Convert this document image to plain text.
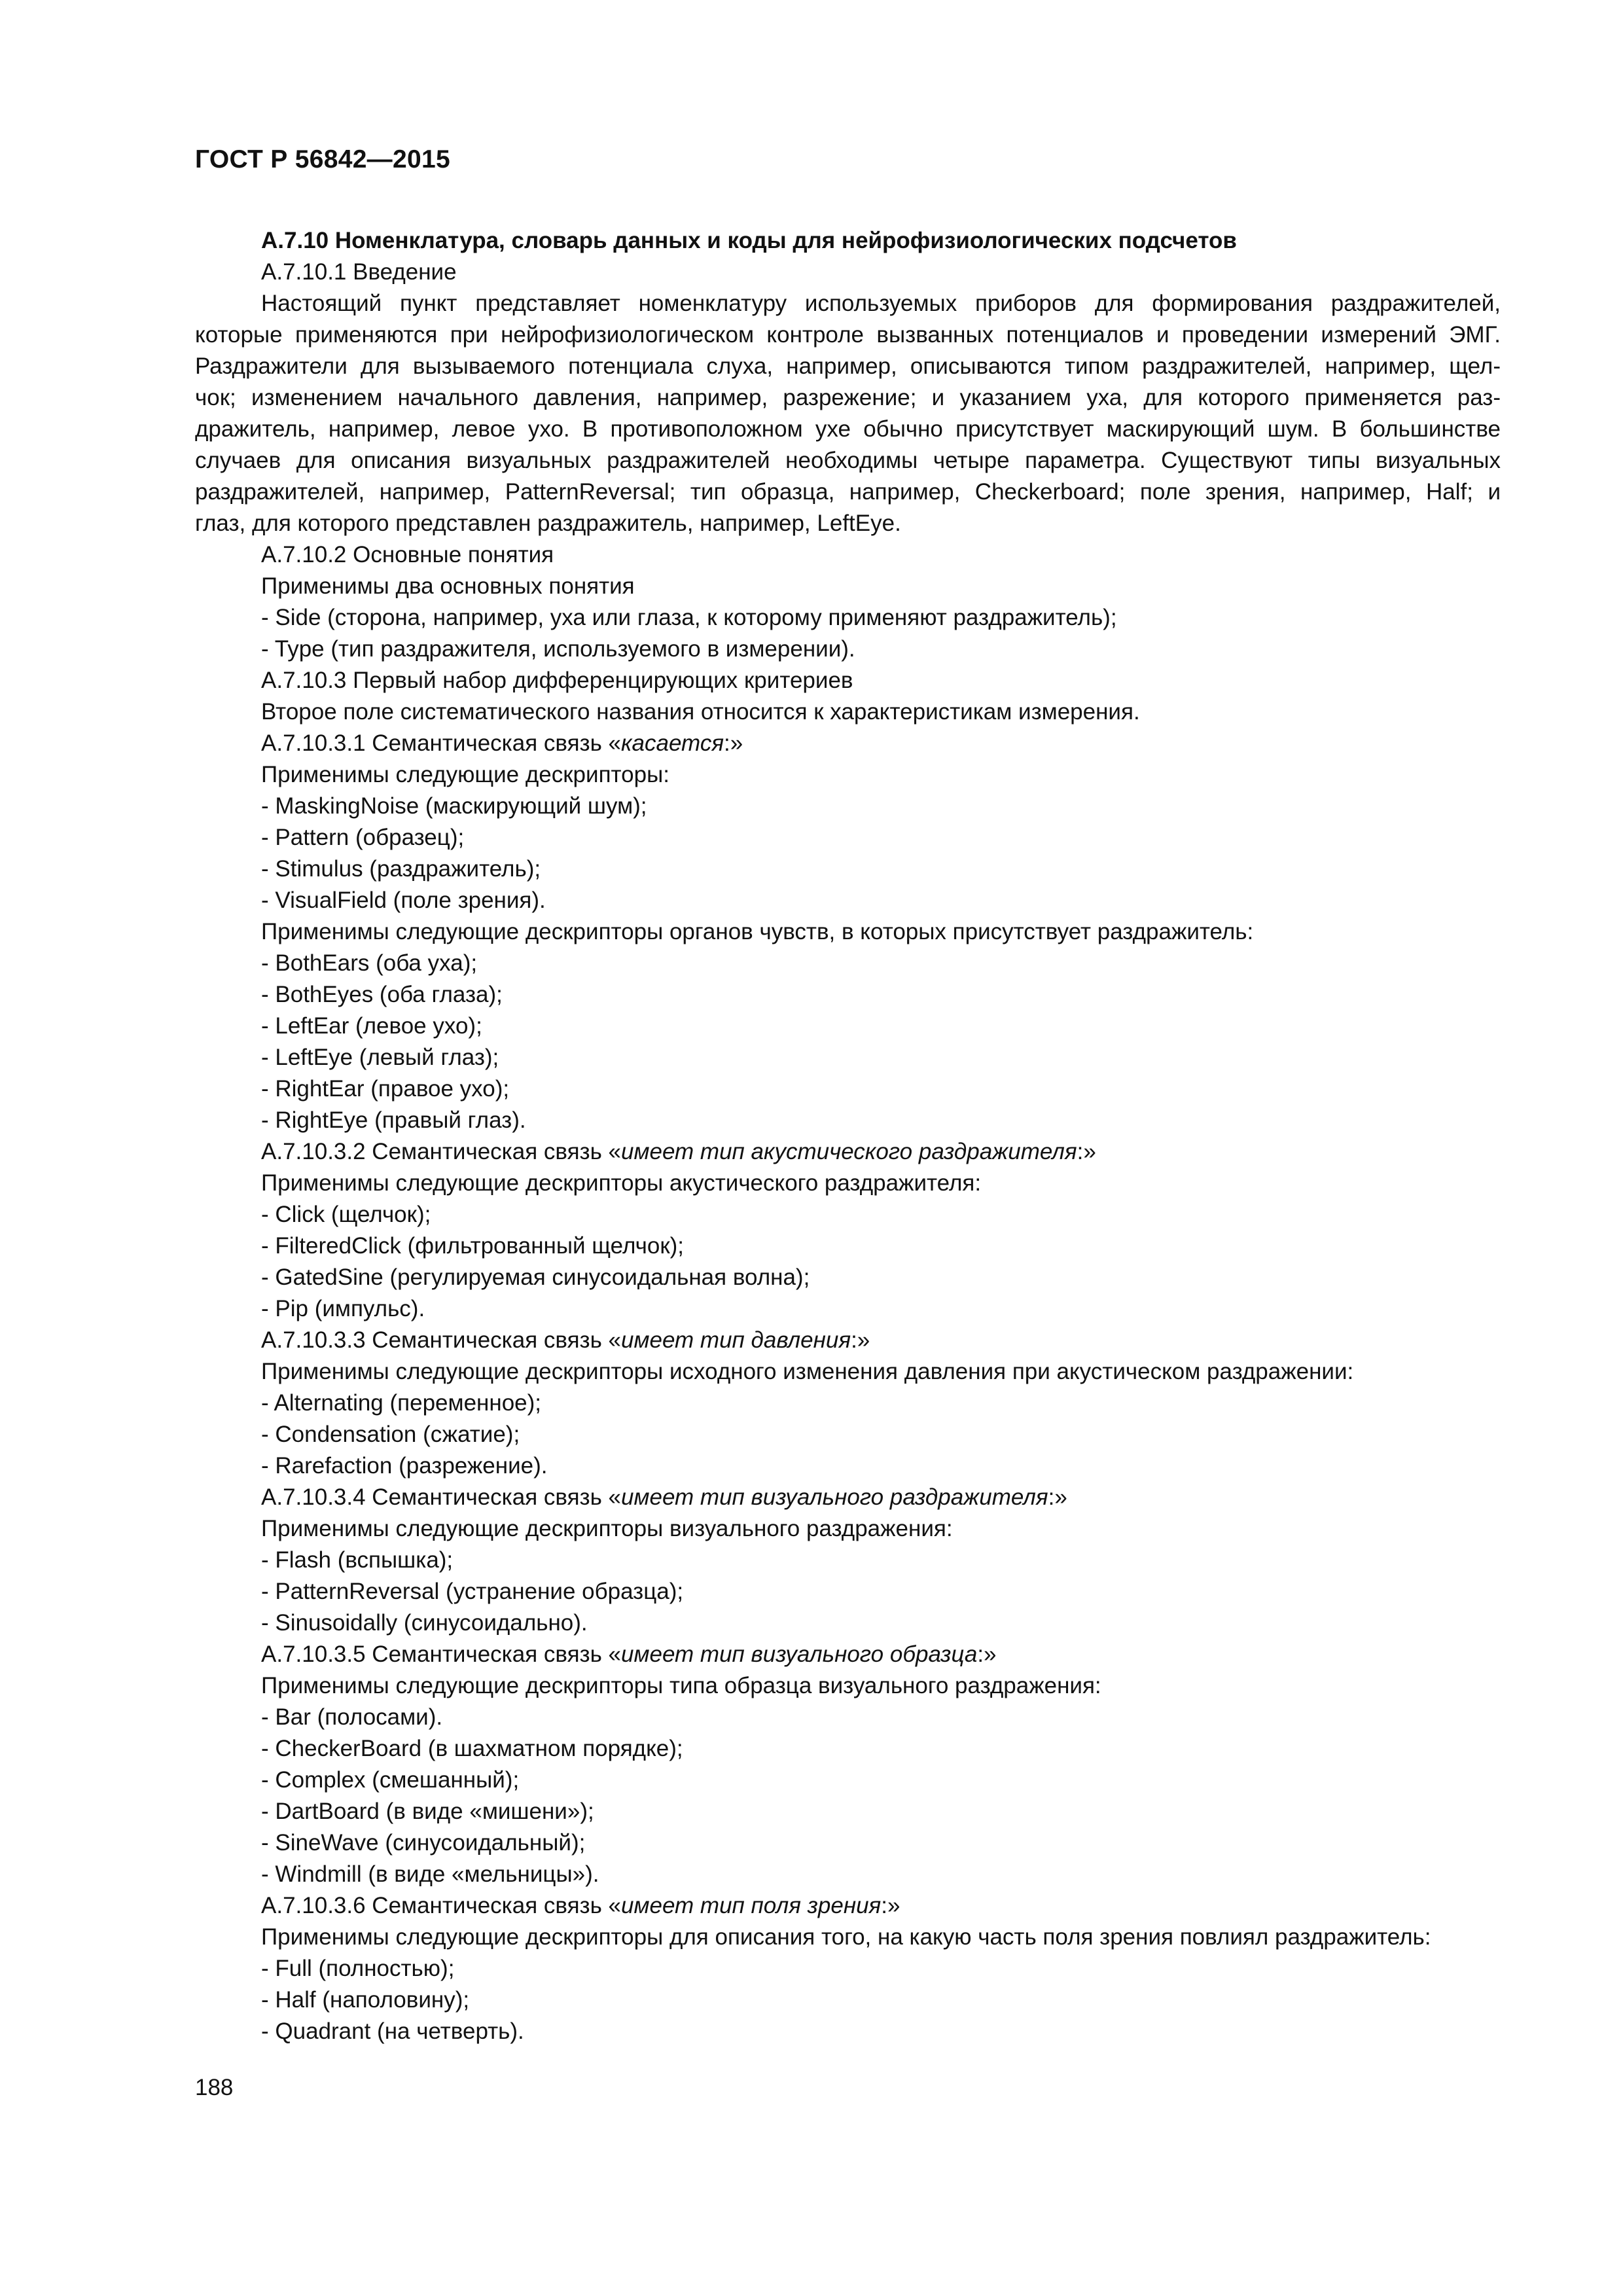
ГОСТ Р 56842—2015
А.7.10 Номенклатура, словарь данных и коды для нейрофизиологических подсчетов
А.7.10.1 Введение
Настоящий пункт представляет номенклатуру используемых приборов для формирования раздражителей,
которые применяются при нейрофизиологическом контроле вызванных потенциалов и проведении измерений ЭМГ.
Раздражители для вызываемого потенциала слуха, например, описываются типом раздражителей, например, щел-
чок; изменением начального давления, например, разрежение; и указанием уха, для которого применяется раз-
дражитель, например, левое ухо. В противоположном ухе обычно присутствует маскирующий шум. В большинстве
случаев для описания визуальных раздражителей необходимы четыре параметра. Существуют типы визуальных
раздражителей, например, PatternReversal; тип образца, например, Checkerboard; поле зрения, например, Half; и
глаз, для которого представлен раздражитель, например, LeftEye.
А.7.10.2 Основные понятия
Применимы два основных понятия
- Side (сторона, например, уха или глаза, к которому применяют раздражитель);
- Type (тип раздражителя, используемого в измерении).
А.7.10.3 Первый набор дифференцирующих критериев
Второе поле систематического названия относится к характеристикам измерения.
А.7.10.3.1 Семантическая связь «касается:»
Применимы следующие дескрипторы:
- MaskingNoise (маскирующий шум);
- Pattern (образец);
- Stimulus (раздражитель);
- VisualField (поле зрения).
Применимы следующие дескрипторы органов чувств, в которых присутствует раздражитель:
- BothEars (оба уха);
- BothEyes (оба глаза);
- LeftEar (левое ухо);
- LeftEye (левый глаз);
- RightEar (правое ухо);
- RightEye (правый глаз).
А.7.10.3.2 Семантическая связь «имеет тип акустического раздражителя:»
Применимы следующие дескрипторы акустического раздражителя:
- Click (щелчок);
- FilteredClick (фильтрованный щелчок);
- GatedSine (регулируемая синусоидальная волна);
- Pip (импульс).
А.7.10.3.3 Семантическая связь «имеет тип давления:»
Применимы следующие дескрипторы исходного изменения давления при акустическом раздражении:
- Alternating (переменное);
- Condensation (сжатие);
- Rarefaction (разрежение).
А.7.10.3.4 Семантическая связь «имеет тип визуального раздражителя:»
Применимы следующие дескрипторы визуального раздражения:
- Flash (вспышка);
- PatternReversal (устранение образца);
- Sinusoidally (синусоидально).
А.7.10.3.5 Семантическая связь «имеет тип визуального образца:»
Применимы следующие дескрипторы типа образца визуального раздражения:
- Bar (полосами).
- CheckerBoard (в шахматном порядке);
- Complex (смешанный);
- DartBoard (в виде «мишени»);
- SineWave (синусоидальный);
- Windmill (в виде «мельницы»).
А.7.10.3.6 Семантическая связь «имеет тип поля зрения:»
Применимы следующие дескрипторы для описания того, на какую часть поля зрения повлиял раздражитель:
- Full (полностью);
- Half (наполовину);
- Quadrant (на четверть).
188
